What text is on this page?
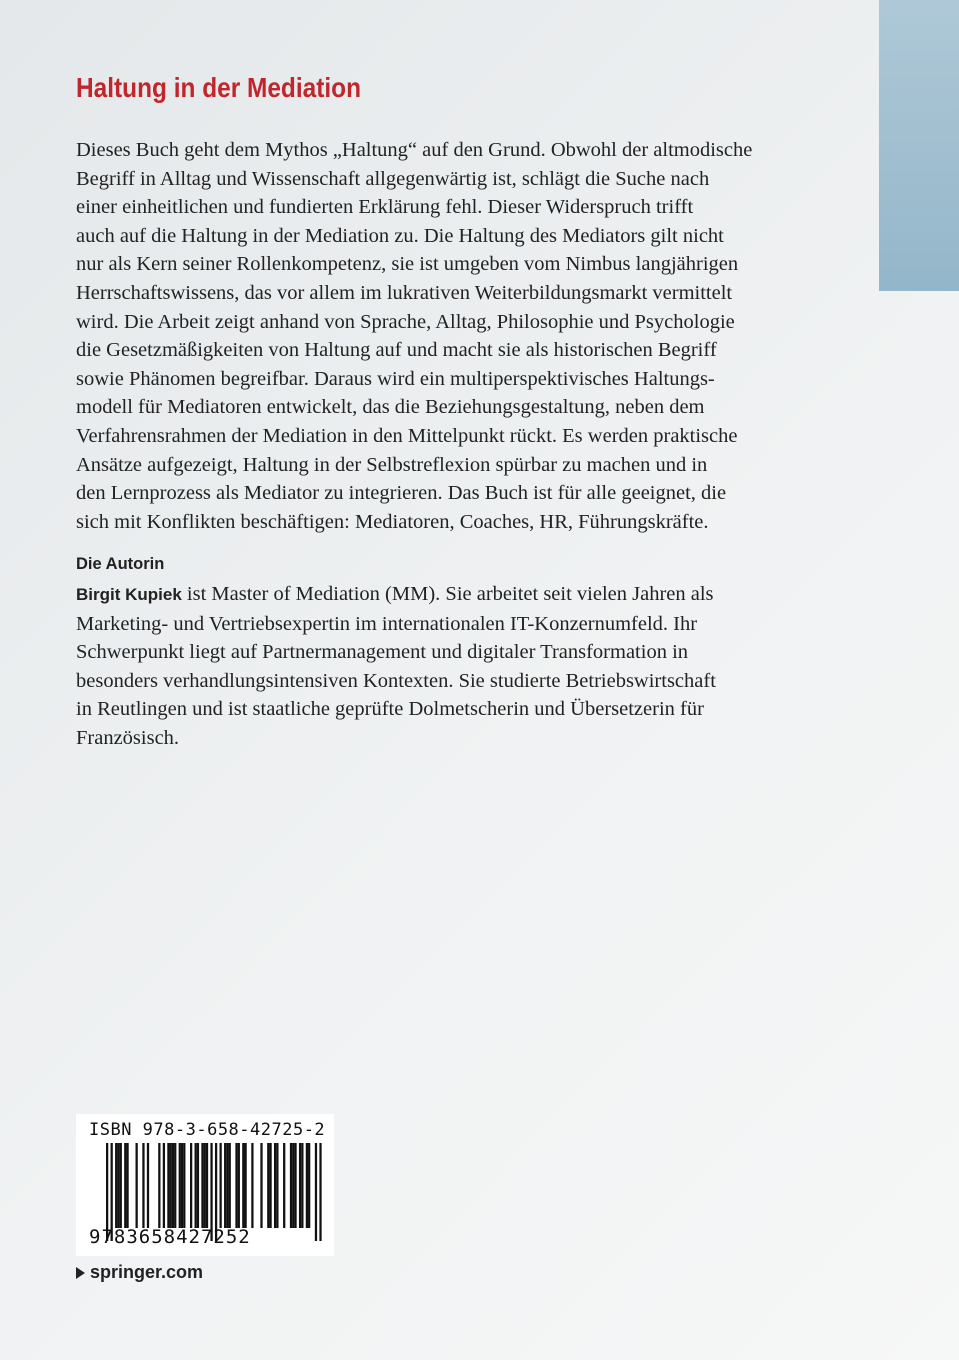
Haltung in der Mediation

Dieses Buch geht dem Mythos „Haltung“ auf den Grund. Obwohl der altmodische
Begriff in Alltag und Wissenschaft allgegenwärtig ist, schlägt die Suche nach
einer einheitlichen und fundierten Erklärung fehl. Dieser Widerspruch trifft
auch auf die Haltung in der Mediation zu. Die Haltung des Mediators gilt nicht
nur als Kern seiner Rollenkompetenz, sie ist umgeben vom Nimbus langjährigen
Herrschaftswissens, das vor allem im lukrativen Weiterbildungsmarkt vermittelt
wird. Die Arbeit zeigt anhand von Sprache, Alltag, Philosophie und Psychologie
die Gesetzmäßigkeiten von Haltung auf und macht sie als historischen Begriff
sowie Phänomen begreifbar. Daraus wird ein multiperspektivisches Haltungs-
modell für Mediatoren entwickelt, das die Beziehungsgestaltung, neben dem
Verfahrensrahmen der Mediation in den Mittelpunkt rückt. Es werden praktische
Ansätze aufgezeigt, Haltung in der Selbstreflexion spürbar zu machen und in
den Lernprozess als Mediator zu integrieren. Das Buch ist für alle geeignet, die
sich mit Konflikten beschäftigen: Mediatoren, Coaches, HR, Führungskräfte.

Die Autorin

Birgit Kupiek ist Master of Mediation (MM). Sie arbeitet seit vielen Jahren als
Marketing- und Vertriebsexpertin im internationalen IT-Konzernumfeld. Ihr
Schwerpunkt liegt auf Partnermanagement und digitaler Transformation in
besonders verhandlungsintensiven Kontexten. Sie studierte Betriebswirtschaft
in Reutlingen und ist staatliche geprüfte Dolmetscherin und Übersetzerin für
Französisch.

ISBN 978-3-658-42725-2
9783658427252
springer.com
